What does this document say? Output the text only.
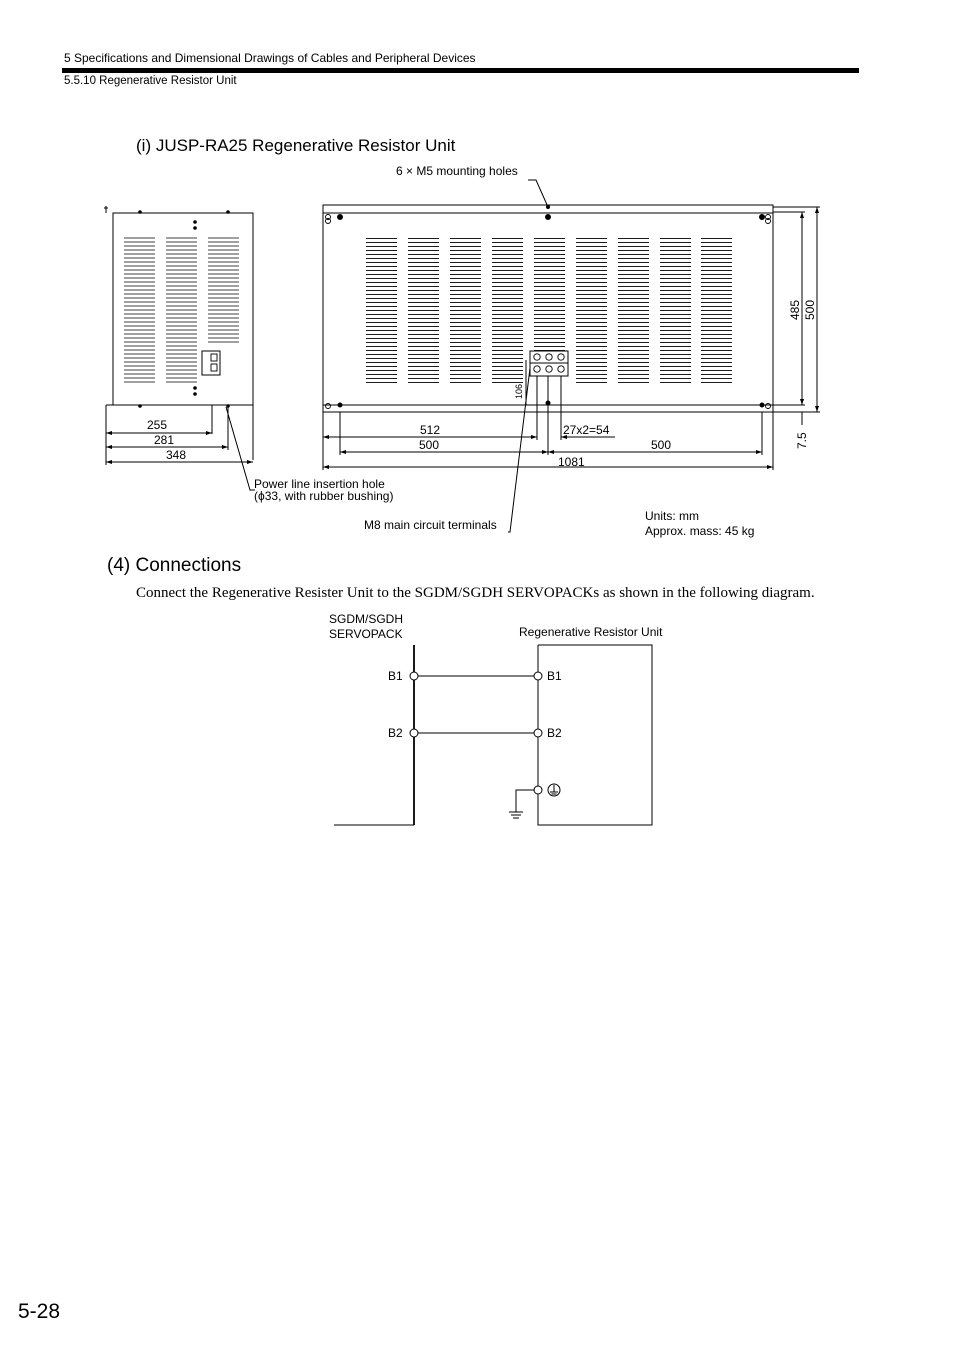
5 Specifications and Dimensional Drawings of Cables and Peripheral Devices
5.5.10 Regenerative Resistor Unit
(i) JUSP-RA25 Regenerative Resistor Unit
6 × M5 mounting holes
255
281
348
512	27x2=54
500	500
1081
106
485 500
7.5
Power line insertion hole
(ϕ33, with rubber bushing)
M8 main circuit terminals
Units: mm
Approx. mass: 45 kg
SGDM/SGDH
SERVOPACK	Regenerative Resistor Unit
B1
B2
B1
B2
(4) Connections
Connect the Regenerative Resister Unit to the SGDM/SGDH SERVOPACKs as shown in the following diagram.
5-28
